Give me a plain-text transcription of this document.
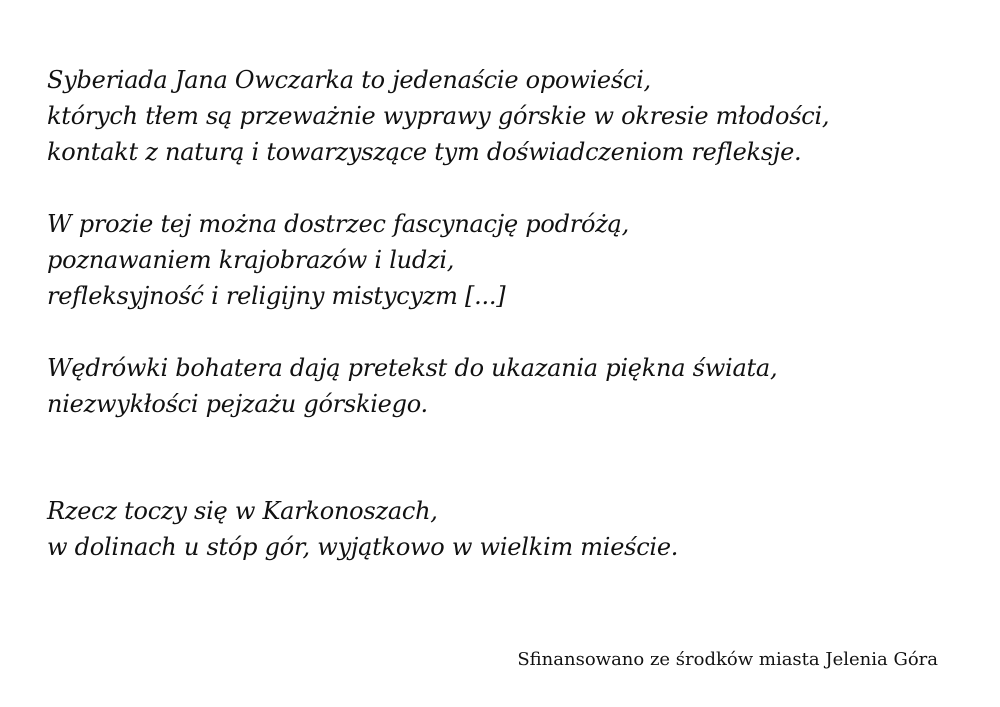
Syberiada Jana Owczarka to jedenaście opowieści,
których tłem są przeważnie wyprawy górskie w okresie młodości,
kontakt z naturą i towarzyszące tym doświadczeniom refleksje.

W prozie tej można dostrzec fascynację podróżą,
poznawaniem krajobrazów i ludzi,
refleksyjność i religijny mistycyzm [...]

Wędrówki bohatera dają pretekst do ukazania piękna świata,
niezwykłości pejzażu górskiego.

Rzecz toczy się w Karkonoszach,
w dolinach u stóp gór, wyjątkowo w wielkim mieście.

Sfinansowano ze środków miasta Jelenia Góra
